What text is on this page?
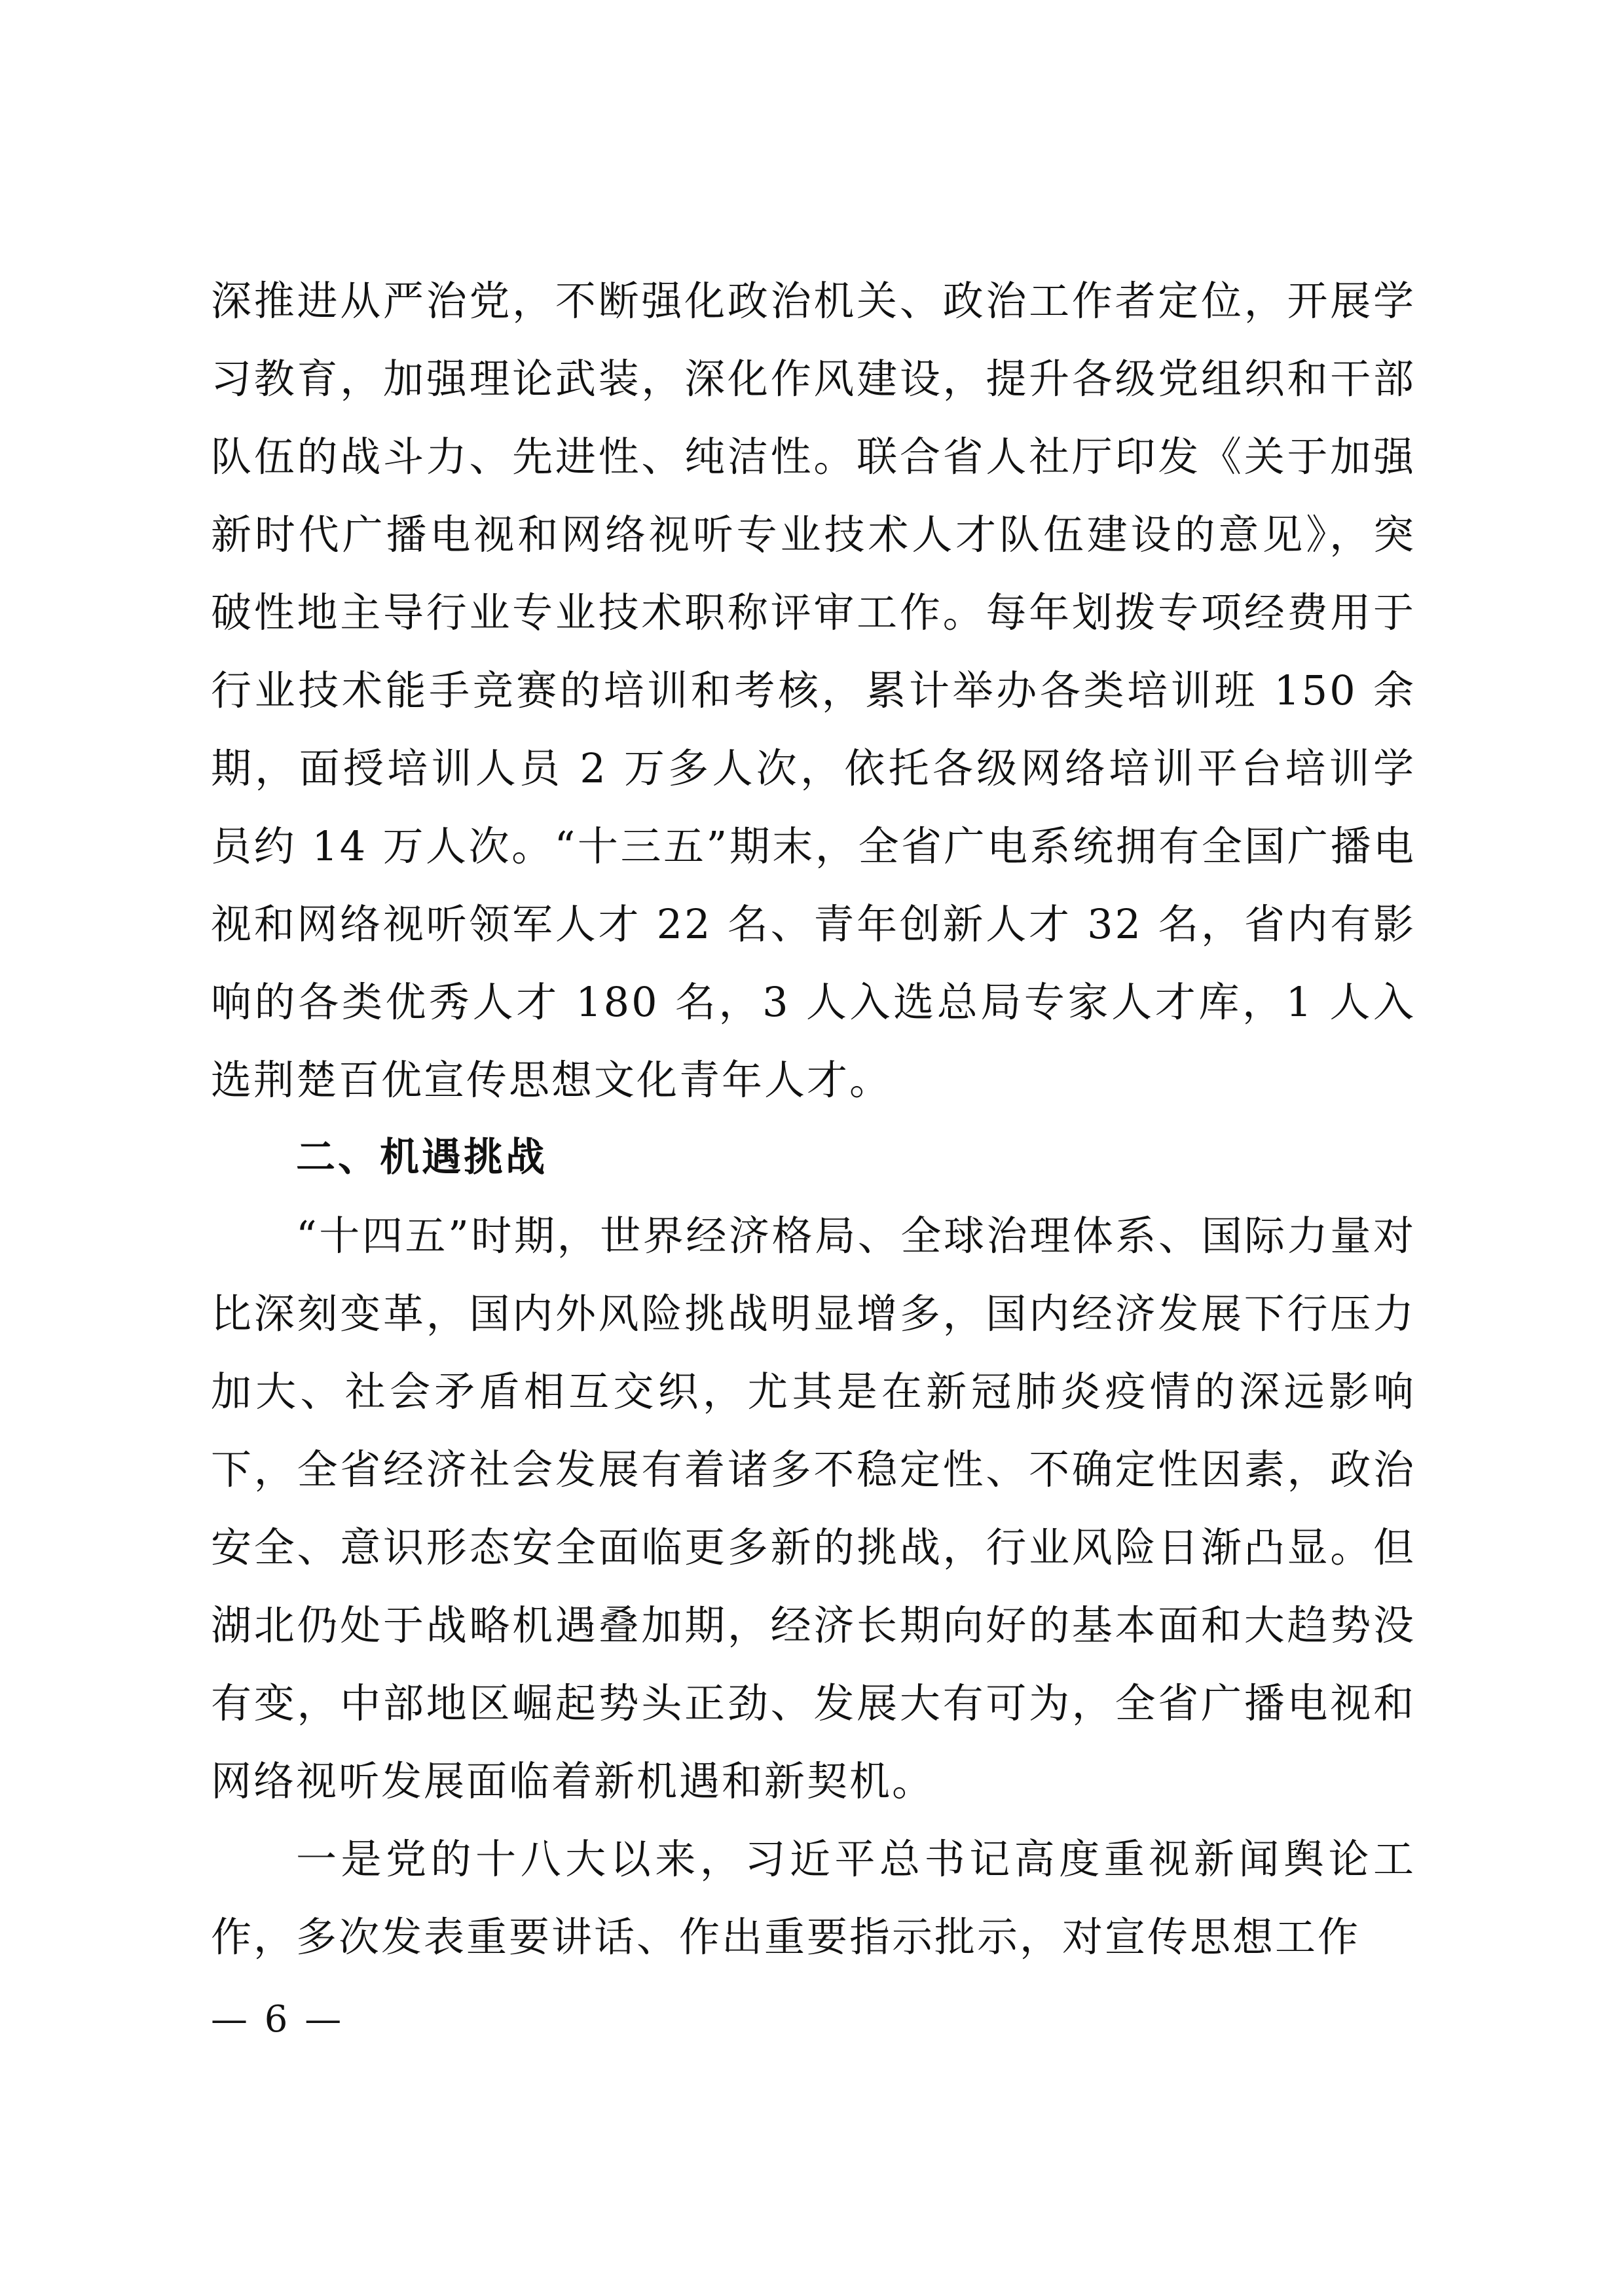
深推进从严治党，不断强化政治机关、政治工作者定位，开展学习教育，加强理论武装，深化作风建设，提升各级党组织和干部队伍的战斗力、先进性、纯洁性。联合省人社厅印发《关于加强新时代广播电视和网络视听专业技术人才队伍建设的意见》，突破性地主导行业专业技术职称评审工作。每年划拨专项经费用于行业技术能手竞赛的培训和考核，累计举办各类培训班 150 余期，面授培训人员 2 万多人次，依托各级网络培训平台培训学员约 14 万人次。“十三五”期末，全省广电系统拥有全国广播电视和网络视听领军人才 22 名、青年创新人才 32 名，省内有影响的各类优秀人才 180 名，3 人入选总局专家人才库，1 人入选荆楚百优宣传思想文化青年人才。

二、机遇挑战

“十四五”时期，世界经济格局、全球治理体系、国际力量对比深刻变革，国内外风险挑战明显增多，国内经济发展下行压力加大、社会矛盾相互交织，尤其是在新冠肺炎疫情的深远影响下，全省经济社会发展有着诸多不稳定性、不确定性因素，政治安全、意识形态安全面临更多新的挑战，行业风险日渐凸显。但湖北仍处于战略机遇叠加期，经济长期向好的基本面和大趋势没有变，中部地区崛起势头正劲、发展大有可为，全省广播电视和网络视听发展面临着新机遇和新契机。

一是党的十八大以来，习近平总书记高度重视新闻舆论工作，多次发表重要讲话、作出重要指示批示，对宣传思想工作

— 6 —
